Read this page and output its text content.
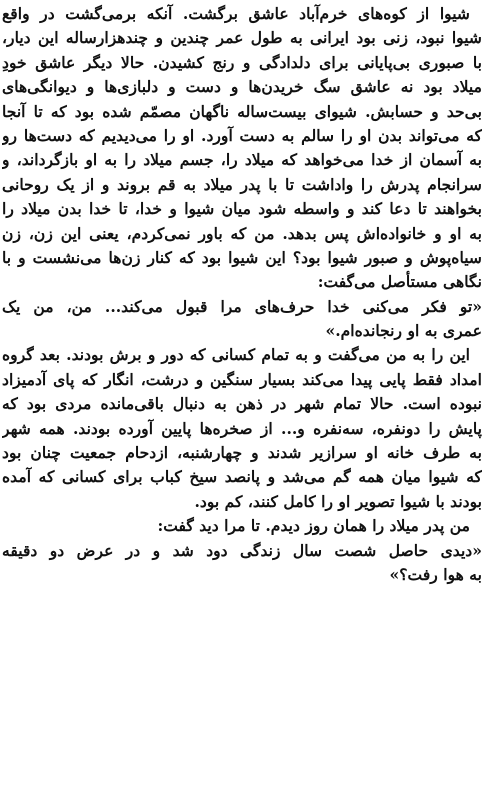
شیوا از کوه‌های خرم‌آباد عاشق برگشت. آنکه برمی‌گشت در واقع
شیوا نبود، زنی بود ایرانی به طول عمر چندین و چندهزارساله این دیار،
با صبوری بی‌پایانی برای دلدادگی و رنج کشیدن. حالا دیگر عاشق خودِ
میلاد بود نه عاشق سگ خریدن‌ها و دست و دلبازی‌ها و دیوانگی‌های
بی‌حد و حسابش. شیوای بیست‌ساله ناگهان مصمّم شده بود که تا آنجا
که می‌تواند بدن او را سالم به دست آورد. او را می‌دیدیم که دست‌ها رو
به آسمان از خدا می‌خواهد که میلاد را، جسم میلاد را به او بازگرداند، و
سرانجام پدرش را واداشت تا با پدر میلاد به قم بروند و از یک روحانی
بخواهند تا دعا کند و واسطه شود میان شیوا و خدا، تا خدا بدن میلاد را
به او و خانواده‌اش پس بدهد. من که باور نمی‌کردم، یعنی این زن، زن
سیاه‌پوش و صبور شیوا بود؟ این شیوا بود که کنار زن‌ها می‌نشست و با
نگاهی مستأصل می‌گفت:
«تو فکر می‌کنی خدا حرف‌های مرا قبول می‌کند... من، من یک
عمری به او رنجانده‌ام.»
این را به من می‌گفت و به تمام کسانی که دور و برش بودند. بعد گروه
امداد فقط پایی پیدا می‌کند بسیار سنگین و درشت، انگار که پای آدمیزاد
نبوده است. حالا تمام شهر در ذهن به دنبال باقی‌مانده مردی بود که
پایش را دونفره، سه‌نفره و... از صخره‌ها پایین آورده بودند. همه شهر
به طرف خانه او سرازیر شدند و چهارشنبه، ازدحام جمعیت چنان بود
که شیوا میان همه گم می‌شد و پانصد سیخ کباب برای کسانی که آمده
بودند با شیوا تصویر او را کامل کنند، کم بود.
من پدر میلاد را همان روز دیدم. تا مرا دید گفت:
«دیدی حاصل شصت سال زندگی دود شد و در عرض دو دقیقه
به هوا رفت؟»
